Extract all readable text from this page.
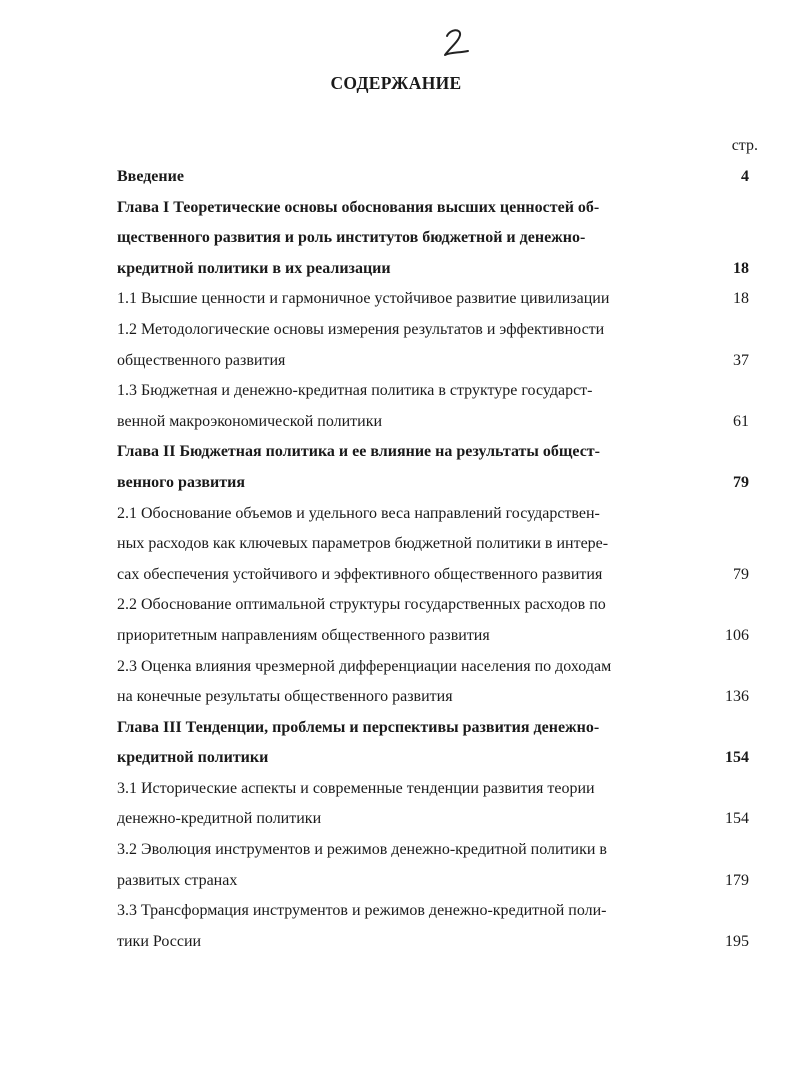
СОДЕРЖАНИЕ
стр.
Введение	4
Глава I Теоретические основы обоснования высших ценностей об-
щественного развития и роль институтов бюджетной и денежно-
кредитной политики в их реализации	18
1.1 Высшие ценности и гармоничное устойчивое развитие цивилизации	18
1.2 Методологические основы измерения результатов и эффективности
общественного развития	37
1.3 Бюджетная и денежно-кредитная политика в структуре государст-
венной макроэкономической политики	61
Глава II Бюджетная политика и ее влияние на результаты общест-
венного развития	79
2.1 Обоснование объемов и удельного веса направлений государствен-
ных расходов как ключевых параметров бюджетной политики в интере-
сах обеспечения устойчивого и эффективного общественного развития	79
2.2 Обоснование оптимальной структуры государственных расходов по
приоритетным направлениям общественного развития	106
2.3 Оценка влияния чрезмерной дифференциации населения по доходам
на конечные результаты общественного развития	136
Глава III Тенденции, проблемы и перспективы развития денежно-
кредитной политики	154
3.1 Исторические аспекты и современные тенденции развития теории
денежно-кредитной политики	154
3.2 Эволюция инструментов и режимов денежно-кредитной политики в
развитых странах	179
3.3 Трансформация инструментов и режимов денежно-кредитной поли-
тики России	195
